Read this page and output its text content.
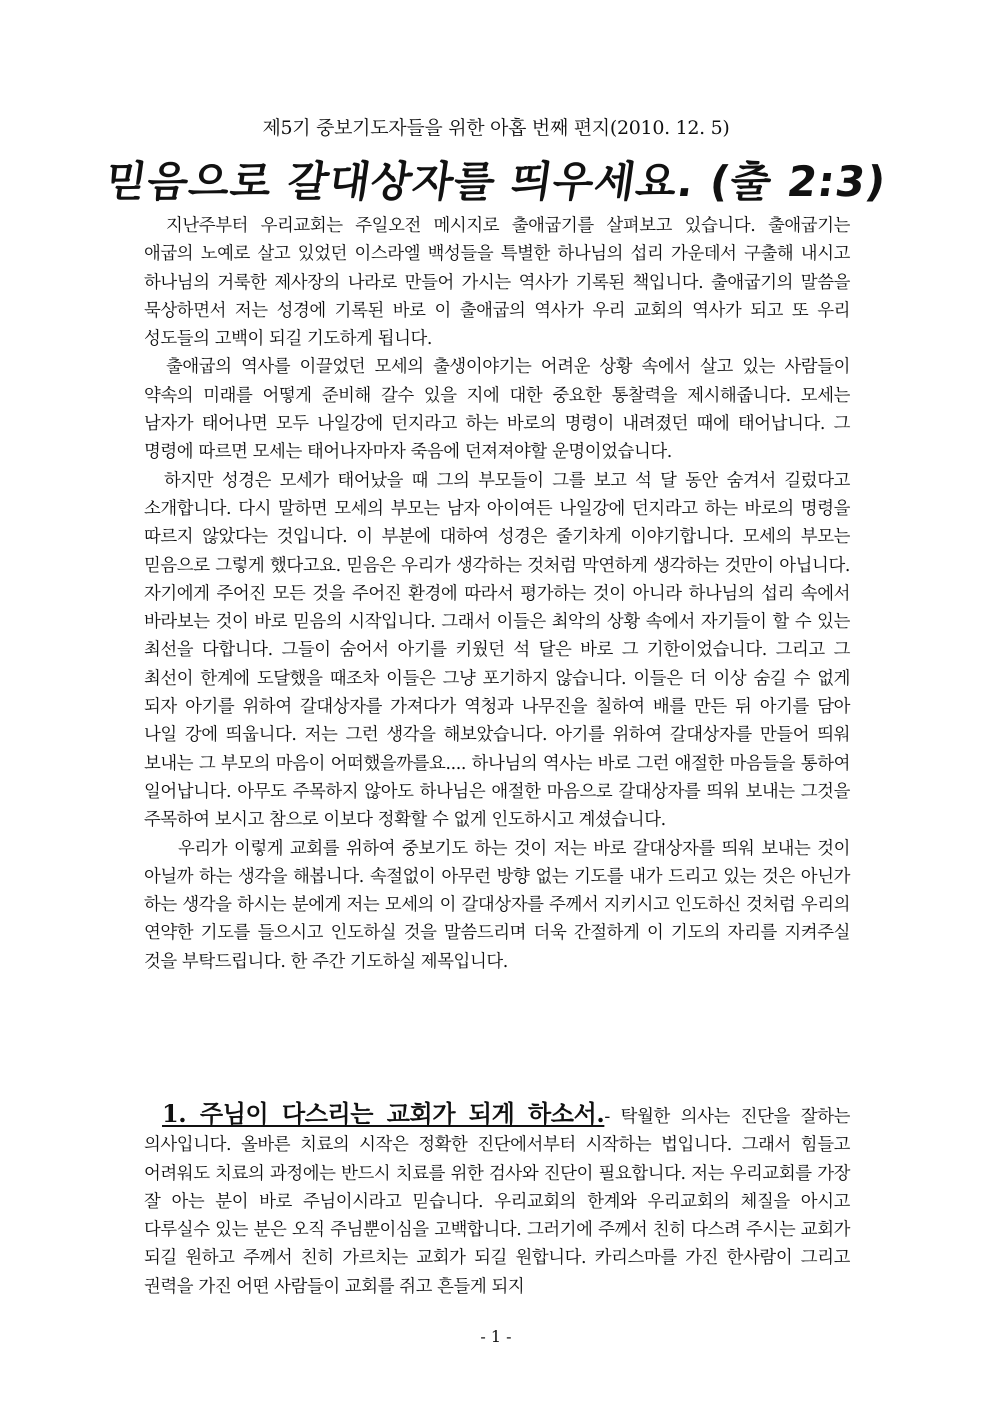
제5기 중보기도자들을 위한 아홉 번째 편지(2010. 12. 5)
믿음으로 갈대상자를 띄우세요. (출 2:3)

지난주부터 우리교회는 주일오전 메시지로 출애굽기를 살펴보고 있습니다. 출애굽기는 애굽의 노예로 살고 있었던 이스라엘 백성들을 특별한 하나님의 섭리 가운데서 구출해 내시고 하나님의 거룩한 제사장의 나라로 만들어 가시는 역사가 기록된 책입니다. 출애굽기의 말씀을 묵상하면서 저는 성경에 기록된 바로 이 출애굽의 역사가 우리 교회의 역사가 되고 또 우리 성도들의 고백이 되길 기도하게 됩니다.

출애굽의 역사를 이끌었던 모세의 출생이야기는 어려운 상황 속에서 살고 있는 사람들이 약속의 미래를 어떻게 준비해 갈수 있을 지에 대한 중요한 통찰력을 제시해줍니다. 모세는 남자가 태어나면 모두 나일강에 던지라고 하는 바로의 명령이 내려졌던 때에 태어납니다. 그 명령에 따르면 모세는 태어나자마자 죽음에 던져져야할 운명이었습니다.

하지만 성경은 모세가 태어났을 때 그의 부모들이 그를 보고 석 달 동안 숨겨서 길렀다고 소개합니다. 다시 말하면 모세의 부모는 남자 아이여든 나일강에 던지라고 하는 바로의 명령을 따르지 않았다는 것입니다. 이 부분에 대하여 성경은 줄기차게 이야기합니다. 모세의 부모는 믿음으로 그렇게 했다고요. 믿음은 우리가 생각하는 것처럼 막연하게 생각하는 것만이 아닙니다. 자기에게 주어진 모든 것을 주어진 환경에 따라서 평가하는 것이 아니라 하나님의 섭리 속에서 바라보는 것이 바로 믿음의 시작입니다. 그래서 이들은 최악의 상황 속에서 자기들이 할 수 있는 최선을 다합니다. 그들이 숨어서 아기를 키웠던 석 달은 바로 그 기한이었습니다. 그리고 그 최선이 한계에 도달했을 때조차 이들은 그냥 포기하지 않습니다. 이들은 더 이상 숨길 수 없게 되자 아기를 위하여 갈대상자를 가져다가 역청과 나무진을 칠하여 배를 만든 뒤 아기를 담아 나일 강에 띄웁니다. 저는 그런 생각을 해보았습니다. 아기를 위하여 갈대상자를 만들어 띄워 보내는 그 부모의 마음이 어떠했을까를요.... 하나님의 역사는 바로 그런 애절한 마음들을 통하여 일어납니다. 아무도 주목하지 않아도 하나님은 애절한 마음으로 갈대상자를 띄워 보내는 그것을 주목하여 보시고 참으로 이보다 정확할 수 없게 인도하시고 계셨습니다.

우리가 이렇게 교회를 위하여 중보기도 하는 것이 저는 바로 갈대상자를 띄워 보내는 것이 아닐까 하는 생각을 해봅니다. 속절없이 아무런 방향 없는 기도를 내가 드리고 있는 것은 아닌가 하는 생각을 하시는 분에게 저는 모세의 이 갈대상자를 주께서 지키시고 인도하신 것처럼 우리의 연약한 기도를 들으시고 인도하실 것을 말씀드리며 더욱 간절하게 이 기도의 자리를 지켜주실 것을 부탁드립니다. 한 주간 기도하실 제목입니다.

1. 주님이 다스리는 교회가 되게 하소서.- 탁월한 의사는 진단을 잘하는 의사입니다. 올바른 치료의 시작은 정확한 진단에서부터 시작하는 법입니다. 그래서 힘들고 어려워도 치료의 과정에는 반드시 치료를 위한 검사와 진단이 필요합니다. 저는 우리교회를 가장 잘 아는 분이 바로 주님이시라고 믿습니다. 우리교회의 한계와 우리교회의 체질을 아시고 다루실수 있는 분은 오직 주님뿐이심을 고백합니다. 그러기에 주께서 친히 다스려 주시는 교회가 되길 원하고 주께서 친히 가르치는 교회가 되길 원합니다. 카리스마를 가진 한사람이 그리고 권력을 가진 어떤 사람들이 교회를 쥐고 흔들게 되지
- 1 -
